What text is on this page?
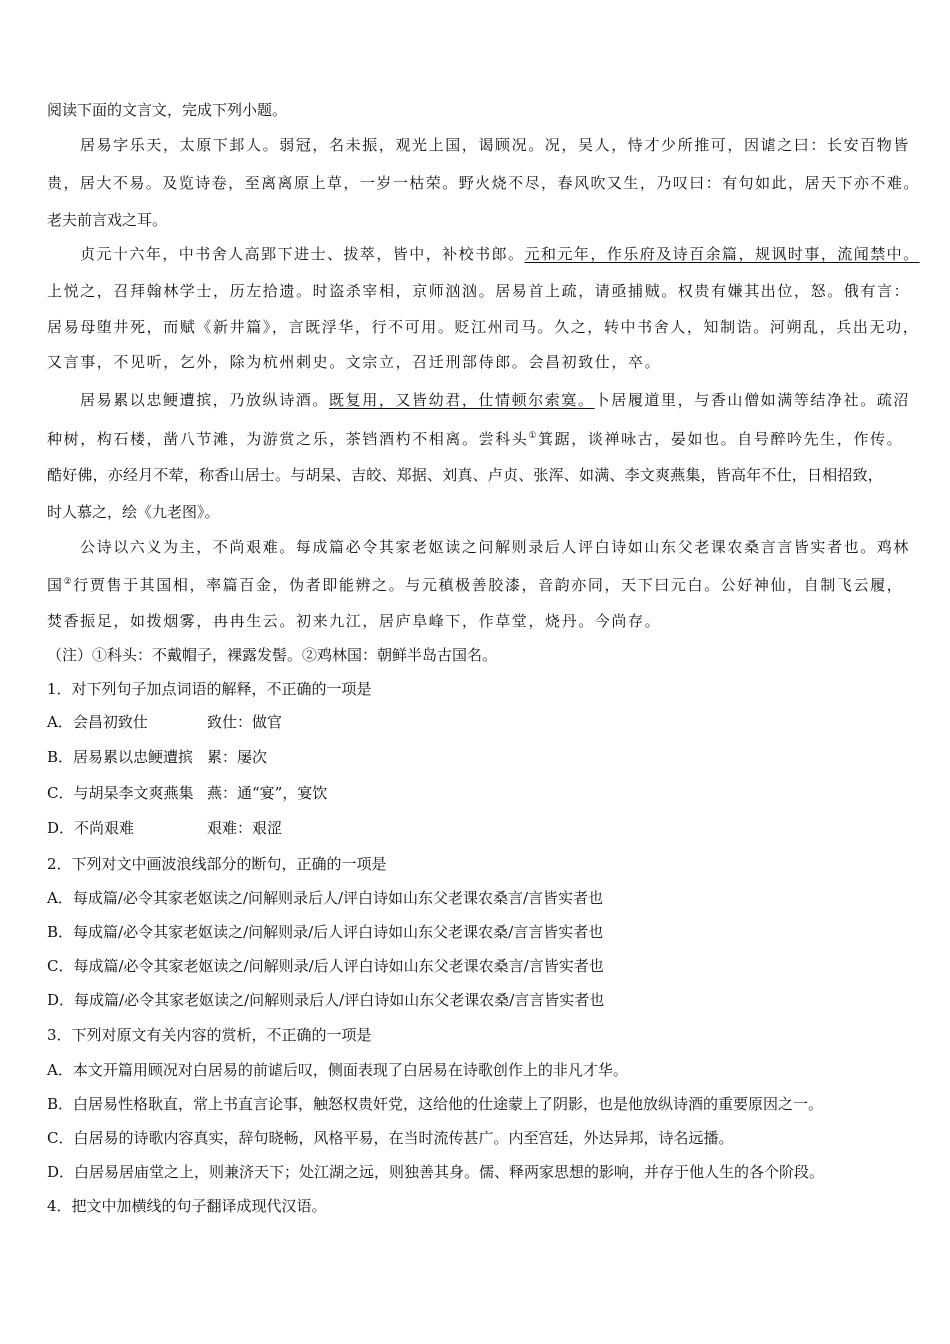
阅读下面的文言文，完成下列小题。
居易字乐天，太原下邽人。弱冠，名未振，观光上国，谒顾况。况，吴人，恃才少所推可，因谑之曰：长安百物皆
贵，居大不易。及览诗卷，至离离原上草，一岁一枯荣。野火烧不尽，春风吹又生，乃叹曰：有句如此，居天下亦不难。
老夫前言戏之耳。
贞元十六年，中书舍人高郢下进士、拔萃，皆中，补校书郎。元和元年，作乐府及诗百余篇，规讽时事，流闻禁中。
上悦之，召拜翰林学士，历左拾遗。时盗杀宰相，京师汹汹。居易首上疏，请亟捕贼。权贵有嫌其出位，怒。俄有言：
居易母堕井死，而赋《新井篇》，言既浮华，行不可用。贬江州司马。久之，转中书舍人，知制诰。河朔乱，兵出无功，
又言事，不见听，乞外，除为杭州刺史。文宗立，召迁刑部侍郎。会昌初致仕，卒。
居易累以忠鲠遭摈，乃放纵诗酒。既复用，又皆幼君，仕情顿尔索寞。卜居履道里，与香山僧如满等结净社。疏沼
种树，构石楼，凿八节滩，为游赏之乐，茶铛酒杓不相离。尝科头①箕踞，谈禅咏古，晏如也。自号醉吟先生，作传。
酷好佛，亦经月不荤，称香山居士。与胡杲、吉皎、郑据、刘真、卢贞、张浑、如满、李文爽燕集，皆高年不仕，日相招致，
时人慕之，绘《九老图》。
公诗以六义为主，不尚艰难。每成篇必令其家老妪读之问解则录后人评白诗如山东父老课农桑言言皆实者也。鸡林
国②行贾售于其国相，率篇百金，伪者即能辨之。与元稹极善胶漆，音韵亦同，天下曰元白。公好神仙，自制飞云履，
焚香振足，如拨烟雾，冉冉生云。初来九江，居庐阜峰下，作草堂，烧丹。今尚存。
（注）①科头：不戴帽子，裸露发髻。②鸡林国：朝鲜半岛古国名。
1．对下列句子加点词语的解释，不正确的一项是
A．会昌初致仕	致仕：做官
B．居易累以忠鲠遭摈 累：屡次
C．与胡杲李文爽燕集 燕：通“宴”，宴饮
D．不尚艰难	艰难：艰涩
2．下列对文中画波浪线部分的断句，正确的一项是
A．每成篇/必令其家老妪读之/问解则录后人/评白诗如山东父老课农桑言/言皆实者也
B．每成篇/必令其家老妪读之/问解则录/后人评白诗如山东父老课农桑/言言皆实者也
C．每成篇/必令其家老妪读之/问解则录/后人评白诗如山东父老课农桑言/言皆实者也
D．每成篇/必令其家老妪读之/问解则录后人/评白诗如山东父老课农桑/言言皆实者也
3．下列对原文有关内容的赏析，不正确的一项是
A．本文开篇用顾况对白居易的前谑后叹，侧面表现了白居易在诗歌创作上的非凡才华。
B．白居易性格耿直，常上书直言论事，触怒权贵奸党，这给他的仕途蒙上了阴影，也是他放纵诗酒的重要原因之一。
C．白居易的诗歌内容真实，辞句晓畅，风格平易，在当时流传甚广。内至宫廷，外达异邦，诗名远播。
D．白居易居庙堂之上，则兼济天下；处江湖之远，则独善其身。儒、释两家思想的影响，并存于他人生的各个阶段。
4．把文中加横线的句子翻译成现代汉语。
